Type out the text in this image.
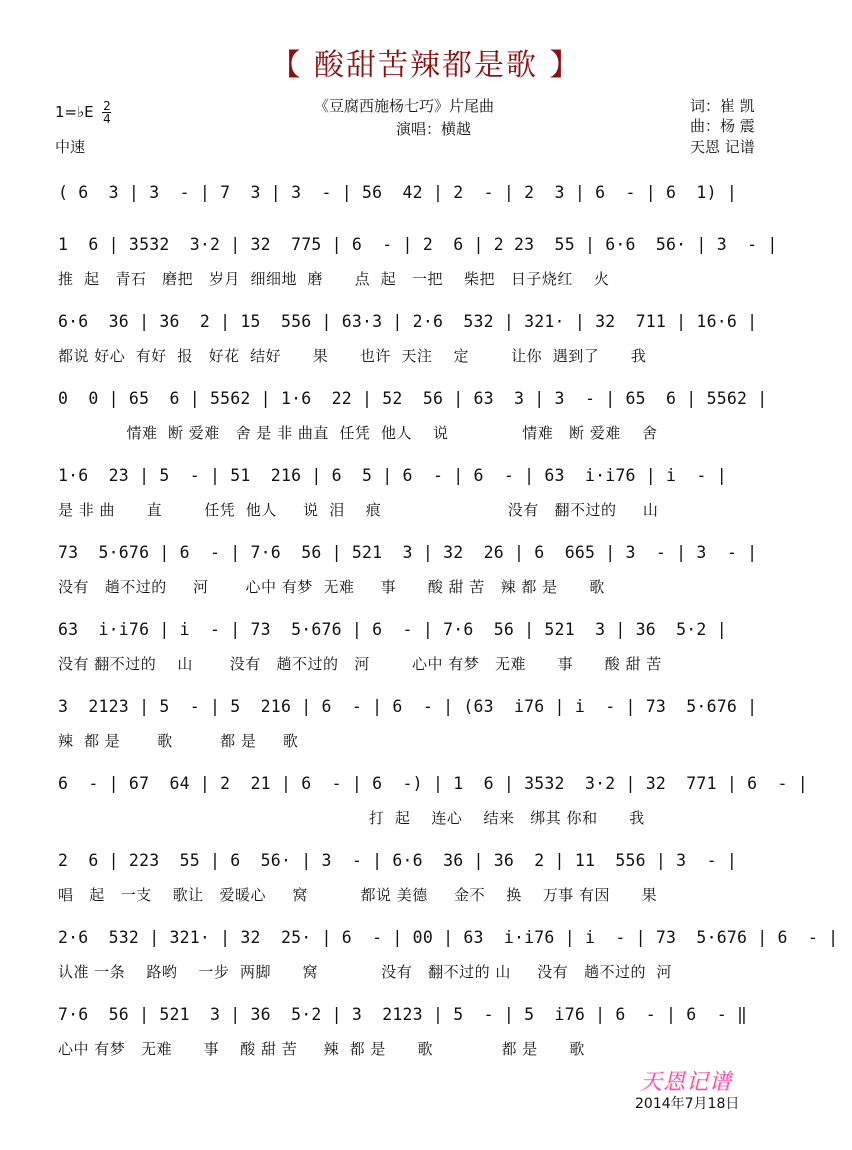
【 酸甜苦辣都是歌 】
《豆腐西施杨七巧》片尾曲
演唱：横越
1=♭E $\frac{2}{4}$
中速
词：崔 凯
曲：杨 震
天恩 记谱
( 6  3 | 3  - | 7  3 | 3  - | 56  42 | 2  - | 2  3 | 6  - | 6  1) |
1  6 | 3532  3·2 | 32  775 | 6  - | 2  6 | 2 23  55 | 6·6  56· | 3  - |
推  起   青石   磨把   岁月  细细地  磨      点  起   一把    柴把   日子烧红    火
6·6  36 | 36  2 | 15  556 | 63·3 | 2·6  532 | 321· | 32  711 | 16·6 |
都说 好心  有好  报   好花  结好      果      也许  天注    定        让你  遇到了      我
0  0 | 65  6 | 5562 | 1·6  22 | 52  56 | 63  3 | 3  - | 65  6 | 5562 |
情难  断 爱难   舍 是 非 曲直  任凭  他人    说              情难   断 爱难    舍
1·6  23 | 5  - | 51  216 | 6  5 | 6  - | 6  - | 63  i·i76 | i  - |
是 非 曲      直        任凭  他人     说  泪    痕                        没有   翻不过的     山
73  5·676 | 6  - | 7·6  56 | 521  3 | 32  26 | 6  665 | 3  - | 3  - |
没有   趟不过的     河       心中 有梦  无难     事      酸 甜 苦   辣 都 是      歌
63  i·i76 | i  - | 73  5·676 | 6  - | 7·6  56 | 521  3 | 36  5·2 |
没有 翻不过的    山       没有   趟不过的   河        心中 有梦   无难      事      酸 甜 苦
3  2123 | 5  - | 5  216 | 6  - | 6  - | (63  i76 | i  - | 73  5·676 |
辣  都 是       歌         都 是     歌
6  - | 67  64 | 2  21 | 6  - | 6  -) | 1  6 | 3532  3·2 | 32  771 | 6  - |
打  起    连心    结来   绑其 你和      我
2  6 | 223  55 | 6  56· | 3  - | 6·6  36 | 36  2 | 11  556 | 3  - |
唱   起   一支    歌让   爱暖心     窝          都说 美德     金不    换    万事 有因      果
2·6  532 | 321· | 32  25· | 6  - | 00 | 63  i·i76 | i  - | 73  5·676 | 6  - |
认准 一条    路哟    一步  两脚      窝            没有   翻不过的 山     没有   趟不过的  河
7·6  56 | 521  3 | 36  5·2 | 3  2123 | 5  - | 5  i76 | 6  - | 6  - ‖
心中 有梦   无难      事    酸 甜 苦     辣  都 是      歌             都 是      歌
天恩记谱
2014年7月18日
